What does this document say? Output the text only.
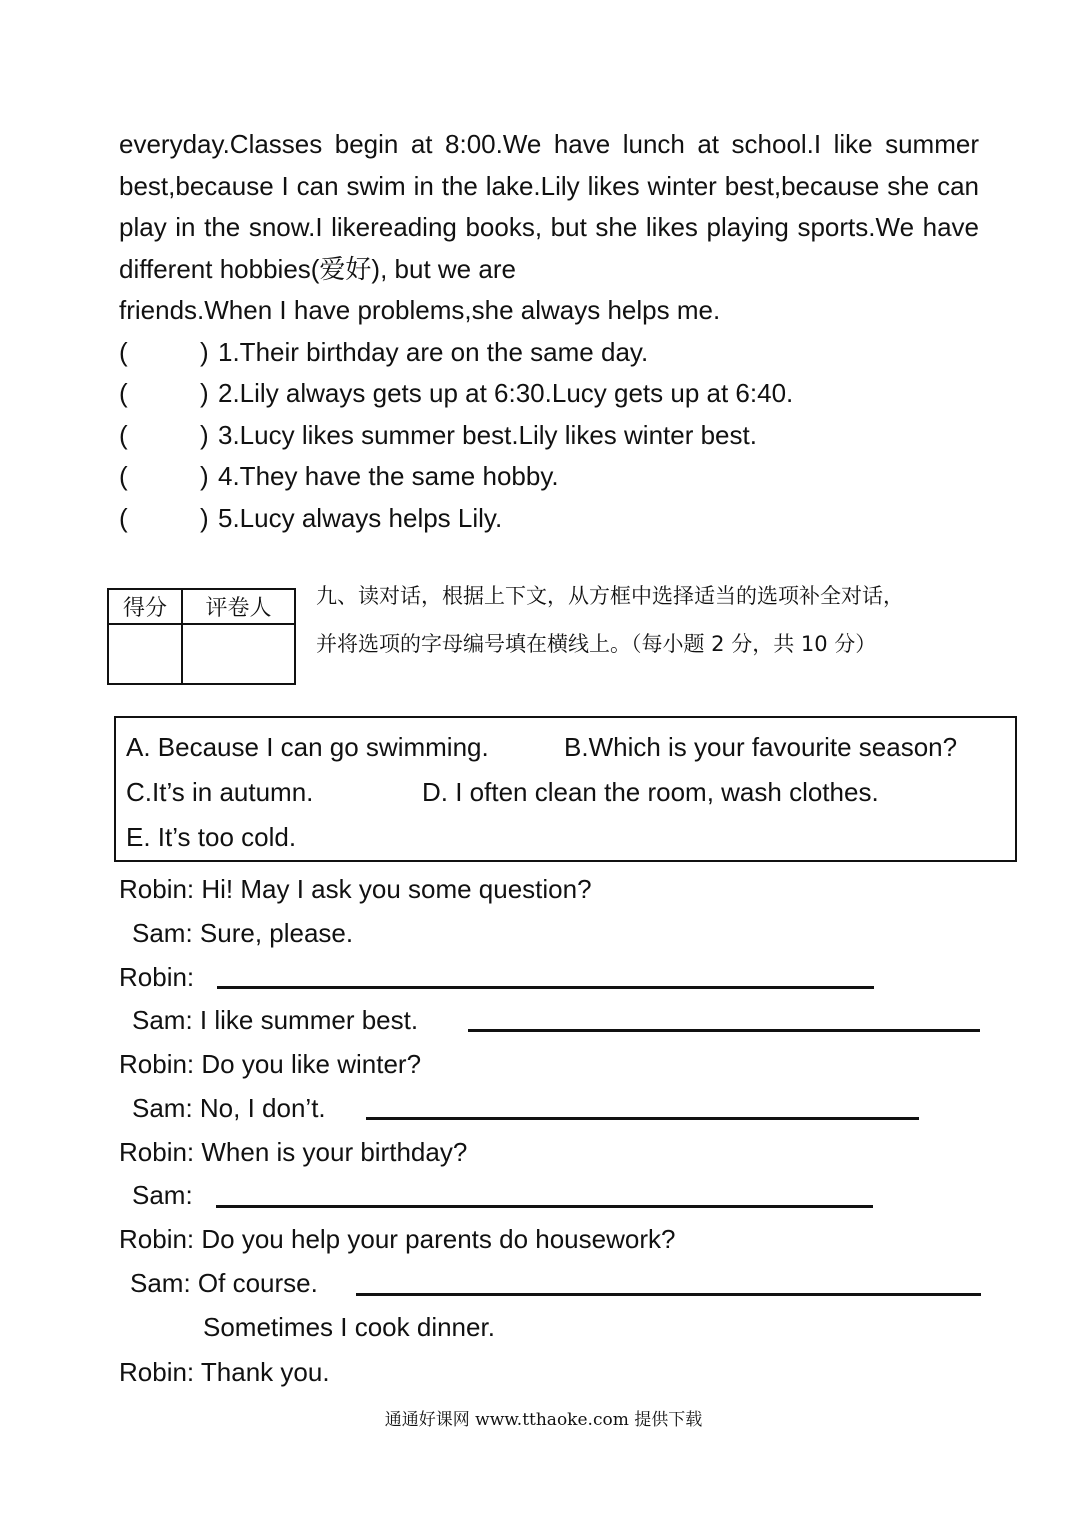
everyday.Classes begin at 8:00.We have lunch at school.I like summer best,because I can swim in the lake.Lily likes winter best,because she can play in the snow.I likereading books, but she likes playing sports.We have different hobbies(爱好), but we are
friends.When I have problems,she always helps me.
(	) 1.Their birthday are on the same day.
(	) 2.Lily always gets up at 6:30.Lucy gets up at 6:40.
(	) 3.Lucy likes summer best.Lily likes winter best.
(	) 4.They have the same hobby.
(	) 5.Lucy always helps Lily.
得分	评卷人
	九、读对话，根据上下文，从方框中选择适当的选项补全对话，
并将选项的字母编号填在横线上。（每小题 2 分，共 10 分）
A. Because I can go swimming.	B.Which is your favourite season?
C.It’s in autumn.	D. I often clean the room, wash clothes.
E. It’s too cold.
Robin: Hi! May I ask you some question?
Sam: Sure, please.
Robin:
Sam: I like summer best.
Robin: Do you like winter?
Sam: No, I don’t.
Robin: When is your birthday?
Sam:
Robin: Do you help your parents do housework?
Sam: Of course.
Sometimes I cook dinner.
Robin: Thank you.
通通好课网 www.tthaoke.com 提供下载
